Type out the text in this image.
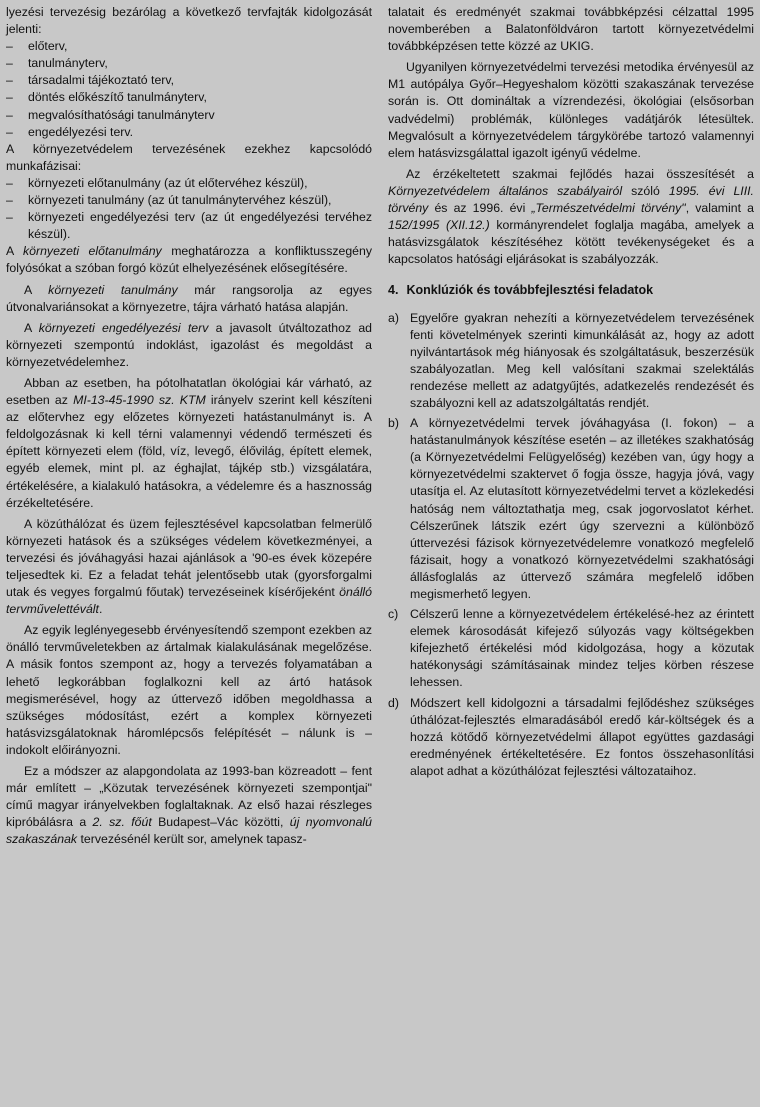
lyezési tervezésig bezárólag a következő tervfajták kidolgozását jelenti:

– előterv,
– tanulmányterv,
– társadalmi tájékoztató terv,
– döntés előkészítő tanulmányterv,
– megvalósíthatósági tanulmányterv
– engedélyezési terv.

A környezetvédelem tervezésének ezekhez kapcsolódó munkafázisai:

– környezeti előtanulmány (az út előtervéhez készül),
– környezeti tanulmány (az út tanulmánytervéhez készül),
– környezeti engedélyezési terv (az út engedélyezési tervéhez készül).

A környezeti előtanulmány meghatározza a konfliktusszegény folyósókat a szóban forgó közút elhelyezésének elősegítésére.

A környezeti tanulmány már rangsorolja az egyes útvonalvariánsokat a környezetre, tájra várható hatása alapján.

A környezeti engedélyezési terv a javasolt útváltozathoz ad környezeti szempontú indoklást, igazolást és megoldást a környezetvédelemhez.

Abban az esetben, ha pótolhatatlan ökológiai kár várható, az esetben az MI-13-45-1990 sz. KTM irányelv szerint kell készíteni az előtervhez egy előzetes környezeti hatástanulmányt is. A feldolgozásnak ki kell térni valamennyi védendő természeti és épített környezeti elem (föld, víz, levegő, élővilág, épített elemek, egyéb elemek, mint pl. az éghajlat, tájkép stb.) vizsgálatára, értékelésére, a kialakuló hatásokra, a védelemre és a hasznosság érzékeltetésére.

A közúthálózat és üzem fejlesztésével kapcsolatban felmerülő környezeti hatások és a szükséges védelem következményei, a tervezési és jóváhagyási hazai ajánlások a '90-es évek közepére teljesedtek ki. Ez a feladat tehát jelentősebb utak (gyorsforgalmi utak és vegyes forgalmú főutak) tervezéseinek kísérőjeként önálló tervművelettévált.

Az egyik leglényegesebb érvényesítendő szempont ezekben az önálló tervműveletekben az ártalmak kialakulásának megelőzése. A másik fontos szempont az, hogy a tervezés folyamatában a lehető legkorábban foglalkozni kell az ártó hatások megismerésével, hogy az úttervező időben megoldhassa a szükséges módosítást, ezért a komplex környezeti hatásvizsgálatoknak háromlépcsős felépítését – nálunk is – indokolt előirányozni.

Ez a módszer az alapgondolata az 1993-ban közreadott – fent már említett – „Közutak tervezésének környezeti szempontjai" című magyar irányelvekben foglaltaknak. Az első hazai részleges kipróbálásra a 2. sz. főút Budapest–Vác közötti, új nyomvonalú szakaszának tervezésénél került sor, amelynek tapasz-

talatait és eredményét szakmai továbbképzési célzattal 1995 novemberében a Balatonföldváron tartott környezetvédelmi továbbképzésen tette közzé az UKIG.

Ugyanilyen környezetvédelmi tervezési metodika érvényesül az M1 autópálya Győr–Hegyeshalom közötti szakaszának tervezése során is. Ott domináltak a vízrendezési, ökológiai (elsősorban vadvédelmi) problémák, különleges vadátjárók létesültek. Megvalósult a környezetvédelem tárgykörébe tartozó valamennyi elem hatásvizsgálattal igazolt igényű védelme.

Az érzékeltetett szakmai fejlődés hazai összesítését a Környezetvédelem általános szabályairól szóló 1995. évi LIII. törvény és az 1996. évi „Természetvédelmi törvény", valamint a 152/1995 (XII.12.) kormányrendelet foglalja magába, amelyek a hatásvizsgálatok készítéséhez kötött tevékenységeket és a kapcsolatos hatósági eljárásokat is szabályozzák.

4. Konklúziók és továbbfejlesztési feladatok
a) Egyelőre gyakran nehezíti a környezetvédelem tervezésének fenti követelmények szerinti kimunkálását az, hogy az adott nyilvántartások még hiányosak és szolgáltatásuk, beszerzésük szabályozatlan. Meg kell valósítani szakmai szelektálás rendezése mellett az adatgyűjtés, adatkezelés rendezését és szabályozni kell az adatszolgáltatás rendjét.
b) A környezetvédelmi tervek jóváhagyása (I. fokon) – a hatástanulmányok készítése esetén – az illetékes szakhatóság (a Környezetvédelmi Felügyelőség) kezében van, úgy hogy a környezetvédelmi szaktervet ő fogja össze, hagyja jóvá, vagy utasítja el. Az elutasított környezetvédelmi tervet a közlekedési hatóság nem változtathatja meg, csak jogorvoslatot kérhet. Célszerűnek látszik ezért úgy szervezni a különböző úttervezési fázisok környezetvédelemre vonatkozó megfelelő fázisait, hogy a vonatkozó környezetvédelmi szakhatósági állásfoglalás az úttervező számára megfelelő időben megismerhető legyen.
c) Célszerű lenne a környezetvédelem értékelésé-hez az érintett elemek károsodását kifejező súlyozás vagy költségekben kifejezhető értékelési mód kidolgozása, hogy a közutak hatékonysági számításainak mindez teljes körben részese lehessen.
d) Módszert kell kidolgozni a társadalmi fejlődéshez szükséges úthálózat-fejlesztés elmaradásából eredő kár-költségek és a hozzá kötődő környezetvédelmi állapot együttes gazdasági eredményének értékeltetésére. Ez fontos összehasonlítási alapot adhat a közúthálózat fejlesztési változataihoz.
